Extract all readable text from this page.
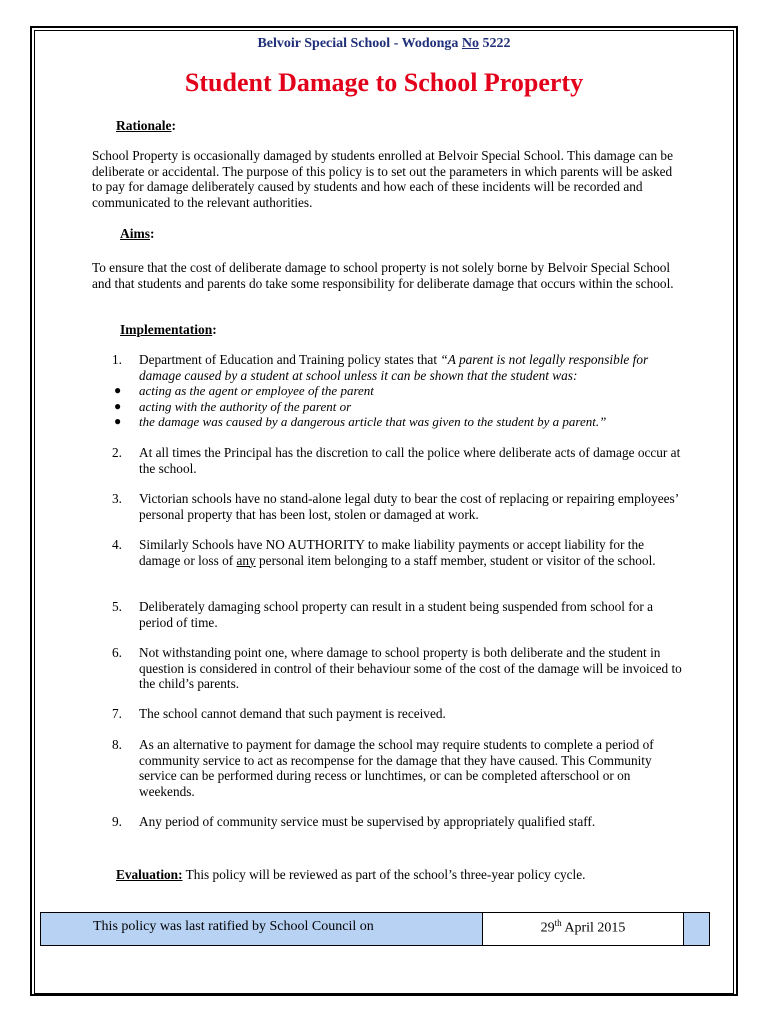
Belvoir Special School - Wodonga No 5222
Student Damage to School Property
Rationale:
School Property is occasionally damaged by students enrolled at Belvoir Special School. This damage can be deliberate or accidental. The purpose of this policy is to set out the parameters in which parents will be asked to pay for damage deliberately caused by students and how each of these incidents will be recorded and communicated to the relevant authorities.
Aims:
To ensure that the cost of deliberate damage to school property is not solely borne by Belvoir Special School and that students and parents do take some responsibility for deliberate damage that occurs within the school.
Implementation:
1.	Department of Education and Training policy states that “A parent is not legally responsible for damage caused by a student at school unless it can be shown that the student was:
● acting as the agent or employee of the parent
● acting with the authority of the parent or
● the damage was caused by a dangerous article that was given to the student by a parent.”
2.	At all times the Principal has the discretion to call the police where deliberate acts of damage occur at the school.
3.	Victorian schools have no stand-alone legal duty to bear the cost of replacing or repairing employees’ personal property that has been lost, stolen or damaged at work.
4.	Similarly Schools have NO AUTHORITY to make liability payments or accept liability for the damage or loss of any personal item belonging to a staff member, student or visitor of the school.
5.	Deliberately damaging school property can result in a student being suspended from school for a period of time.
6.	Not withstanding point one, where damage to school property is both deliberate and the student in question is considered in control of their behaviour some of the cost of the damage will be invoiced to the child’s parents.
7.	The school cannot demand that such payment is received.
8.	As an alternative to payment for damage the school may require students to complete a period of community service to act as recompense for the damage that they have caused. This Community service can be performed during recess or lunchtimes, or can be completed afterschool or on weekends.
9.	Any period of community service must be supervised by appropriately qualified staff.
Evaluation: This policy will be reviewed as part of the school’s three-year policy cycle.
This policy was last ratified by School Council on	29th April 2015	
